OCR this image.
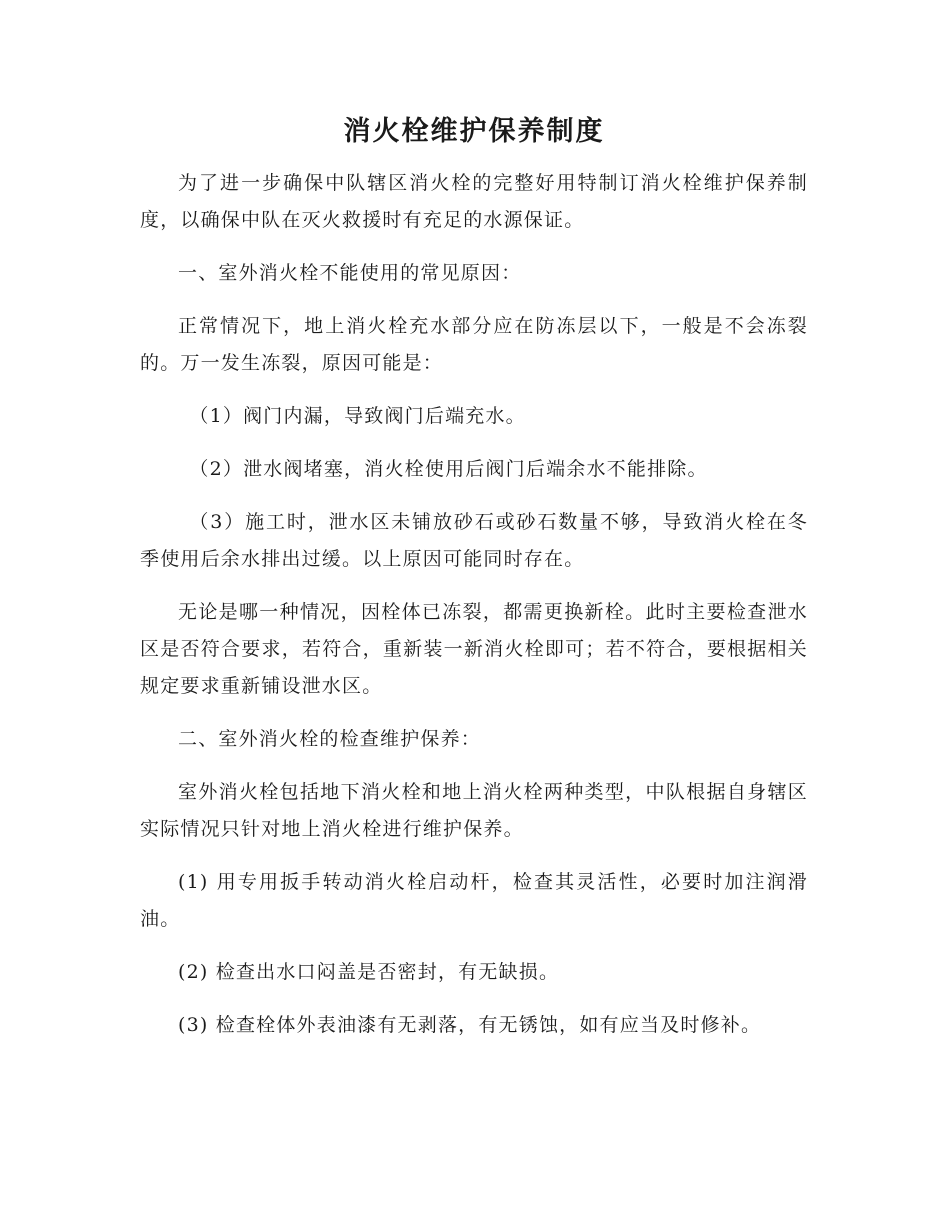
消火栓维护保养制度

为了进一步确保中队辖区消火栓的完整好用特制订消火栓维护保养制度，以确保中队在灭火救援时有充足的水源保证。

一、室外消火栓不能使用的常见原因：

正常情况下，地上消火栓充水部分应在防冻层以下，一般是不会冻裂的。万一发生冻裂，原因可能是：

（1）阀门内漏，导致阀门后端充水。

（2）泄水阀堵塞，消火栓使用后阀门后端余水不能排除。

（3）施工时，泄水区未铺放砂石或砂石数量不够，导致消火栓在冬季使用后余水排出过缓。以上原因可能同时存在。

无论是哪一种情况，因栓体已冻裂，都需更换新栓。此时主要检查泄水区是否符合要求，若符合，重新装一新消火栓即可；若不符合，要根据相关规定要求重新铺设泄水区。

二、室外消火栓的检查维护保养：

室外消火栓包括地下消火栓和地上消火栓两种类型，中队根据自身辖区实际情况只针对地上消火栓进行维护保养。

(1) 用专用扳手转动消火栓启动杆，检查其灵活性，必要时加注润滑油。

(2) 检查出水口闷盖是否密封，有无缺损。

(3) 检查栓体外表油漆有无剥落，有无锈蚀，如有应当及时修补。
